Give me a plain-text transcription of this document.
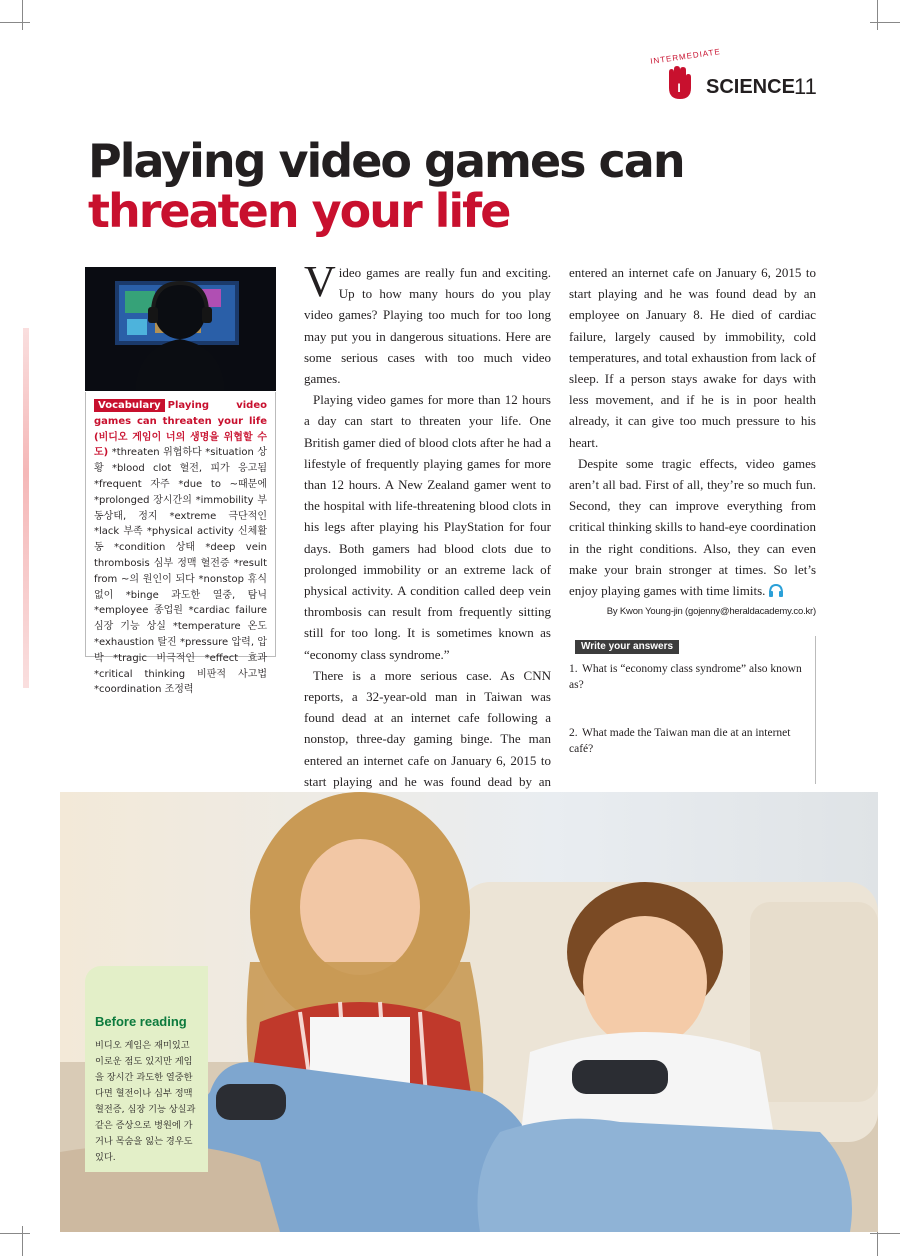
INTERMEDIATE
I SCIENCE 11
Playing video games can
threaten your life
Vocabulary Playing video games can threaten your life (비디오 게임이 너의 생명을 위협할 수도) *threaten 위협하다 *situation 상황 *blood clot 혈전, 피가 응고됨 *frequent 자주 *due to ~때문에 *prolonged 장시간의 *immobility 부동상태, 정지 *extreme 극단적인 *lack 부족 *physical activity 신체활동 *condition 상태 *deep vein thrombosis 심부 정맥 혈전증 *result from ~의 원인이 되다 *nonstop 휴식 없이 *binge 과도한 열중, 탐닉 *employee 종업원 *cardiac failure 심장 기능 상실 *temperature 온도 *exhaustion 탈진 *pressure 압력, 압박 *tragic 비극적인 *effect 효과 *critical thinking 비판적 사고법 *coordination 조정력

Video games are really fun and exciting. Up to how many hours do you play video games? Playing too much for too long may put you in dangerous situations. Here are some serious cases with too much video games.

Playing video games for more than 12 hours a day can start to threaten your life. One British gamer died of blood clots after he had a lifestyle of frequently playing games for more than 12 hours. A New Zealand gamer went to the hospital with life-threatening blood clots in his legs after playing his PlayStation for four days. Both gamers had blood clots due to prolonged immobility or an extreme lack of physical activity. A condition called deep vein thrombosis can result from frequently sitting still for too long. It is sometimes known as “economy class syndrome.”

There is a more serious case. As CNN reports, a 32-year-old man in Taiwan was found dead at an internet cafe following a nonstop, three-day gaming binge. The man entered an internet cafe on January 6, 2015 to start playing and he was found dead by an

entered an internet cafe on January 6, 2015 to start playing and he was found dead by an employee on January 8. He died of cardiac failure, largely caused by immobility, cold temperatures, and total exhaustion from lack of sleep. If a person stays awake for days with less movement, and if he is in poor health already, it can give too much pressure to his heart.

Despite some tragic effects, video games aren’t all bad. First of all, they’re so much fun. Second, they can improve everything from critical thinking skills to hand-eye coordination in the right conditions. Also, they can even make your brain stronger at times. So let’s enjoy playing games with time limits.
By Kwon Young-jin (gojenny@heraldacademy.co.kr)

Write your answers
1. What is “economy class syndrome” also known as?
2. What made the Taiwan man die at an internet café?
Before reading
비디오 게임은 재미있고 이로운 점도 있지만 게임을 장시간 과도한 열중한다면 혈전이나 심부 정맥 혈전증, 심장 기능 상실과 같은 증상으로 병원에 가거나 목숨을 잃는 경우도 있다.
